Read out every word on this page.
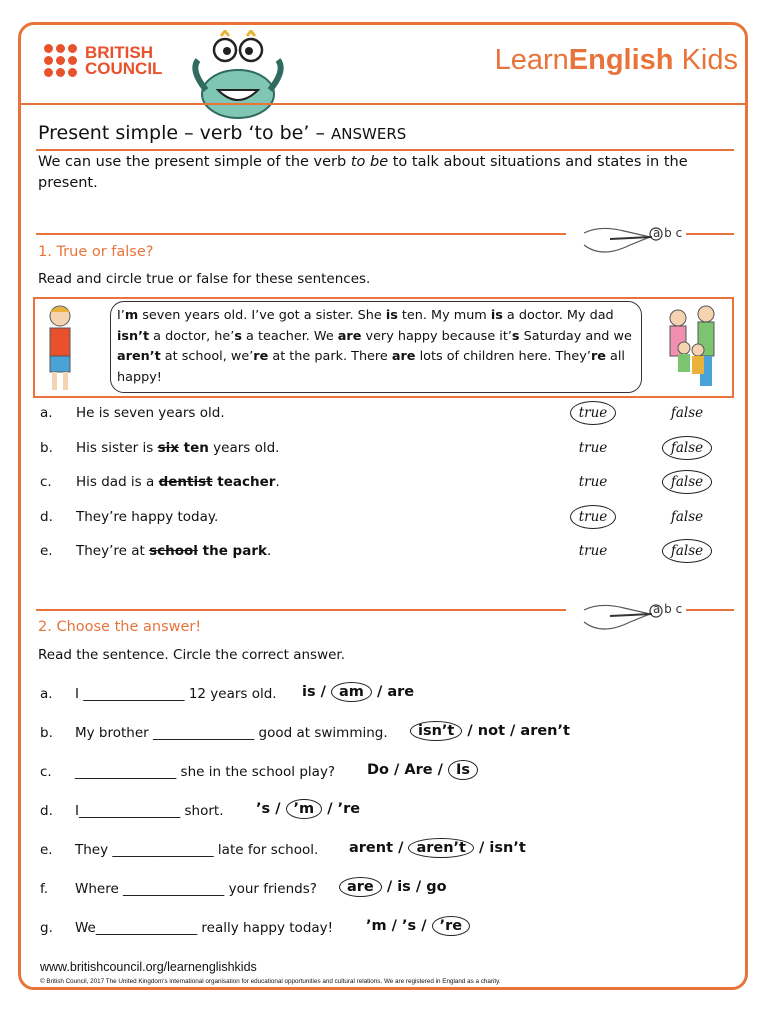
BRITISH
COUNCIL	LearnEnglish Kids
Present simple – verb ‘to be’ – ANSWERS
We can use the present simple of the verb to be to talk about situations and states in the present.
a b c
1. True or false?
Read and circle true or false for these sentences.
I’m seven years old. I’ve got a sister. She is ten. My mum is a doctor. My dad isn’t a doctor, he’s a teacher. We are very happy because it’s Saturday and we aren’t at school, we’re at the park. There are lots of children here. They’re all happy!
a. He is seven years old.	true	false
b. His sister is six ten years old.	true	false
c. His dad is a dentist teacher.	true	false
d. They’re happy today.	true	false
e. They’re at school the park.	true	false
a b c
2. Choose the answer!
Read the sentence. Circle the correct answer.
a. I _______________ 12 years old. is / am / are
b. My brother _______________ good at swimming.	isn’t / not / aren’t
c. _______________ she in the school play? Do / Are / Is
d. I_______________ short. ’s / ’m / ’re
e. They _______________ late for school. arent / aren’t / isn’t
f. Where _______________ your friends?	are / is / go
g. We_______________ really happy today! ’m / ’s / ’re
www.britishcouncil.org/learnenglishkids
© British Council, 2017 The United Kingdom’s international organisation for educational opportunities and cultural relations. We are registered in England as a charity.
